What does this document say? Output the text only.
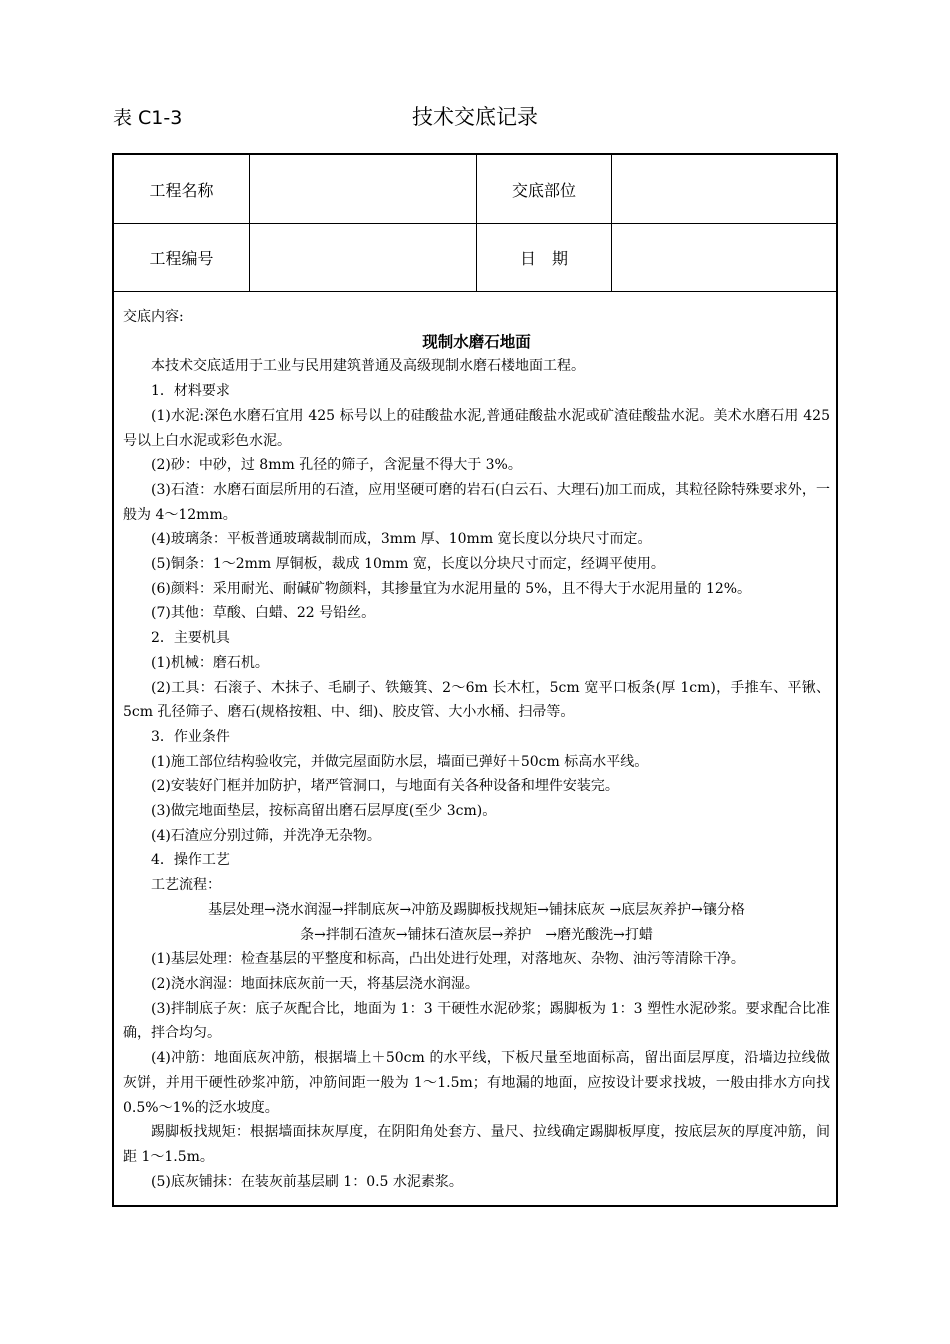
表 C1-3	技术交底记录
工程名称	交底部位
工程编号	日　期

交底内容:

现制水磨石地面

本技术交底适用于工业与民用建筑普通及高级现制水磨石楼地面工程。

1．材料要求

(1)水泥:深色水磨石宜用 425 标号以上的硅酸盐水泥,普通硅酸盐水泥或矿渣硅酸盐水泥。美术水磨石用 425 号以上白水泥或彩色水泥。

(2)砂：中砂，过 8mm 孔径的筛子，含泥量不得大于 3%。

(3)石渣：水磨石面层所用的石渣，应用坚硬可磨的岩石(白云石、大理石)加工而成，其粒径除特殊要求外，一般为 4～12mm。

(4)玻璃条：平板普通玻璃裁制而成，3mm 厚、10mm 宽长度以分块尺寸而定。

(5)铜条：1～2mm 厚铜板，裁成 10mm 宽，长度以分块尺寸而定，经调平使用。

(6)颜料：采用耐光、耐碱矿物颜料，其掺量宜为水泥用量的 5%，且不得大于水泥用量的 12%。

(7)其他：草酸、白蜡、22 号铅丝。

2．主要机具

(1)机械：磨石机。

(2)工具：石滚子、木抹子、毛刷子、铁簸箕、2～6m 长木杠，5cm 宽平口板条(厚 1cm)，手推车、平锹、5cm 孔径筛子、磨石(规格按粗、中、细)、胶皮管、大小水桶、扫帚等。

3．作业条件

(1)施工部位结构验收完，并做完屋面防水层，墙面已弹好＋50cm 标高水平线。

(2)安装好门框并加防护，堵严管洞口，与地面有关各种设备和埋件安装完。

(3)做完地面垫层，按标高留出磨石层厚度(至少 3cm)。

(4)石渣应分别过筛，并洗净无杂物。

4．操作工艺

工艺流程：

基层处理→浇水润湿→拌制底灰→冲筋及踢脚板找规矩→铺抹底灰 →底层灰养护→镶分格

条→拌制石渣灰→铺抹石渣灰层→养护　→磨光酸洗→打蜡

(1)基层处理：检查基层的平整度和标高，凸出处进行处理，对落地灰、杂物、油污等清除干净。

(2)浇水润湿：地面抹底灰前一天，将基层浇水润湿。

(3)拌制底子灰：底子灰配合比，地面为 1：3 干硬性水泥砂浆；踢脚板为 1：3 塑性水泥砂浆。要求配合比准确，拌合均匀。

(4)冲筋：地面底灰冲筋，根据墙上＋50cm 的水平线，下板尺量至地面标高，留出面层厚度，沿墙边拉线做灰饼，并用干硬性砂浆冲筋，冲筋间距一般为 1～1.5m；有地漏的地面，应按设计要求找坡，一般由排水方向找 0.5%～1%的泛水坡度。

踢脚板找规矩：根据墙面抹灰厚度，在阴阳角处套方、量尺、拉线确定踢脚板厚度，按底层灰的厚度冲筋，间距 1～1.5m。

(5)底灰铺抹：在装灰前基层刷 1：0.5 水泥素浆。
